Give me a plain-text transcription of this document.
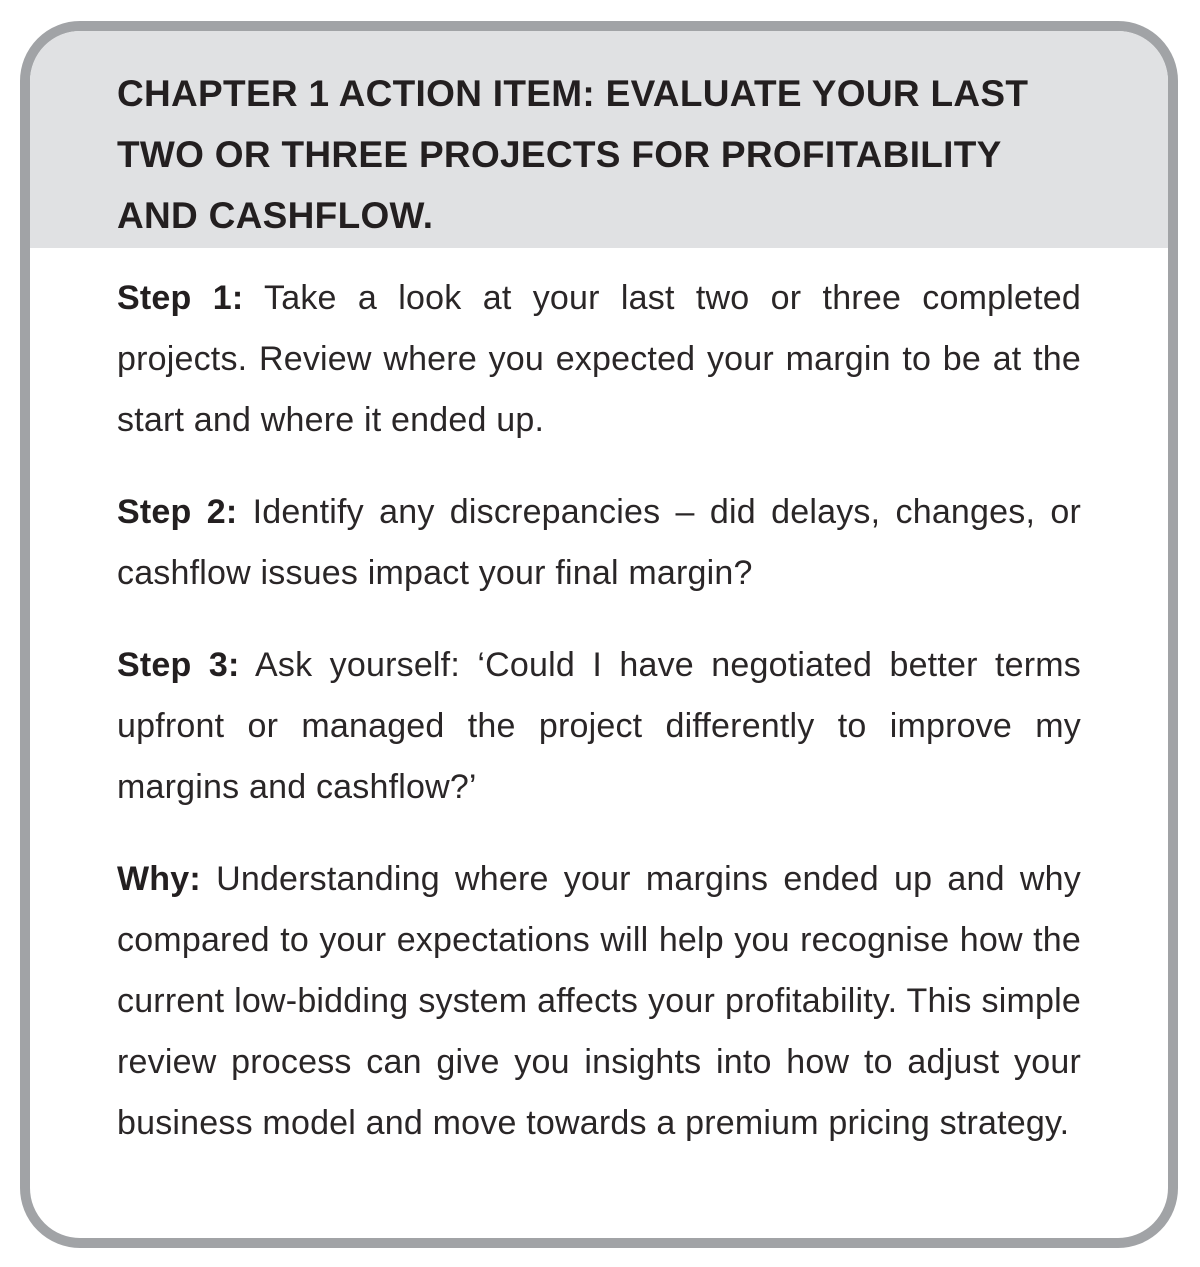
CHAPTER 1 ACTION ITEM: EVALUATE YOUR LAST TWO OR THREE PROJECTS FOR PROFITABILITY AND CASHFLOW.

Step 1: Take a look at your last two or three completed projects. Review where you expected your margin to be at the start and where it ended up.

Step 2: Identify any discrepancies – did delays, changes, or cashflow issues impact your final margin?

Step 3: Ask yourself: ‘Could I have negotiated better terms upfront or managed the project differently to improve my margins and cashflow?’

Why: Understanding where your margins ended up and why compared to your expectations will help you recognise how the current low-bidding system affects your profitability. This simple review process can give you insights into how to adjust your business model and move towards a premium pricing strategy.
